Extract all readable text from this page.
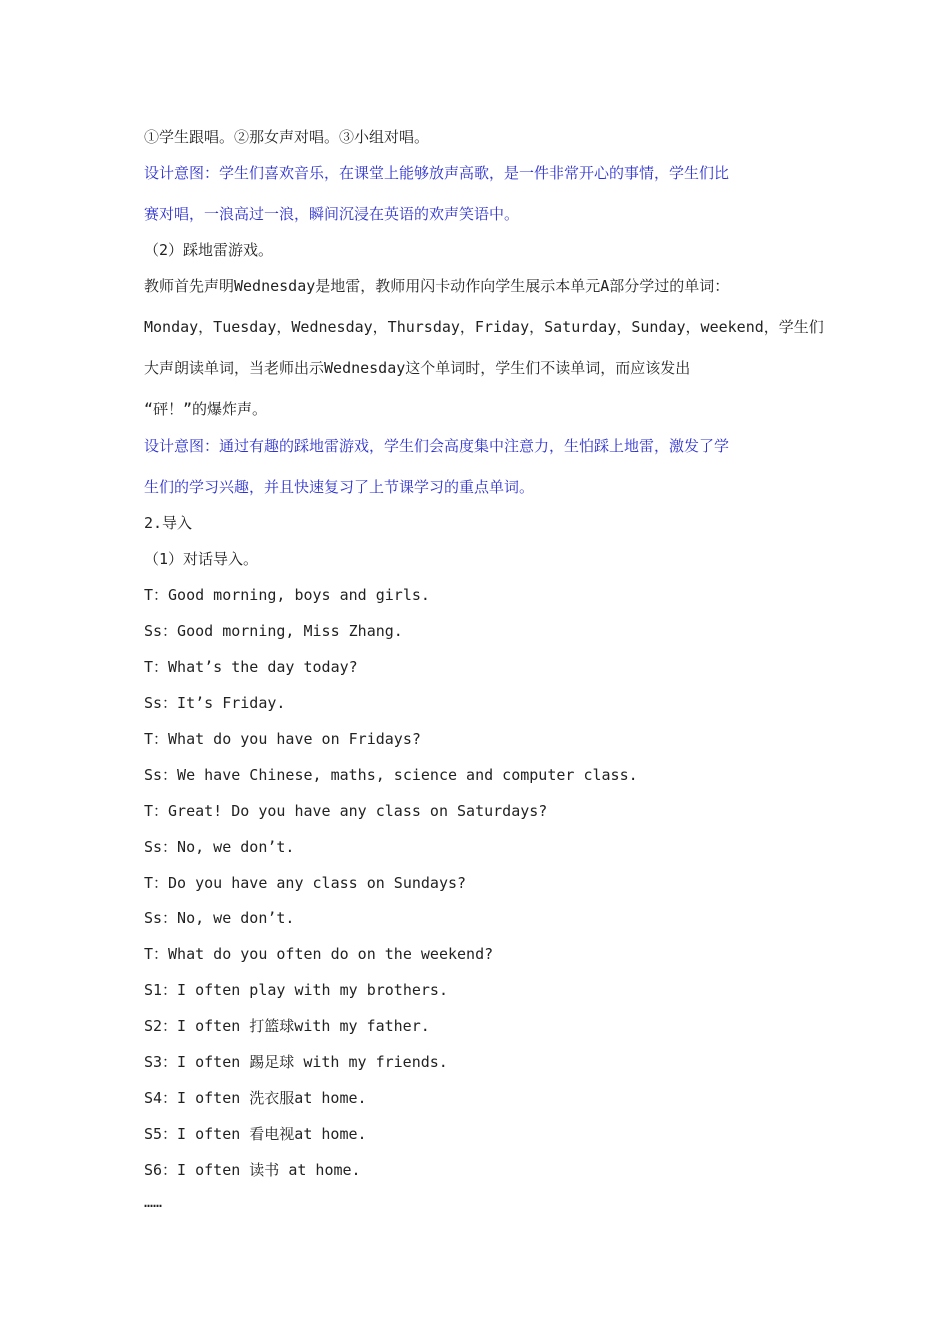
①学生跟唱。②那女声对唱。③小组对唱。
设计意图：学生们喜欢音乐，在课堂上能够放声高歌，是一件非常开心的事情，学生们比
赛对唱，一浪高过一浪，瞬间沉浸在英语的欢声笑语中。
（2）踩地雷游戏。
教师首先声明Wednesday是地雷，教师用闪卡动作向学生展示本单元A部分学过的单词：
Monday，Tuesday，Wednesday，Thursday，Friday，Saturday，Sunday，weekend，学生们
大声朗读单词，当老师出示Wednesday这个单词时，学生们不读单词，而应该发出
“砰！”的爆炸声。
设计意图：通过有趣的踩地雷游戏，学生们会高度集中注意力，生怕踩上地雷，激发了学
生们的学习兴趣，并且快速复习了上节课学习的重点单词。
2.导入
（1）对话导入。
T：Good morning, boys and girls.
Ss：Good morning, Miss Zhang.
T：What’s the day today?
Ss：It’s Friday.
T：What do you have on Fridays?
Ss：We have Chinese, maths, science and computer class.
T：Great! Do you have any class on Saturdays?
Ss：No, we don’t.
T：Do you have any class on Sundays?
Ss：No, we don’t.
T：What do you often do on the weekend?
S1：I often play with my brothers.
S2：I often 打篮球with my father.
S3：I often 踢足球 with my friends.
S4：I often 洗衣服at home.
S5：I often 看电视at home.
S6：I often 读书 at home.
……
